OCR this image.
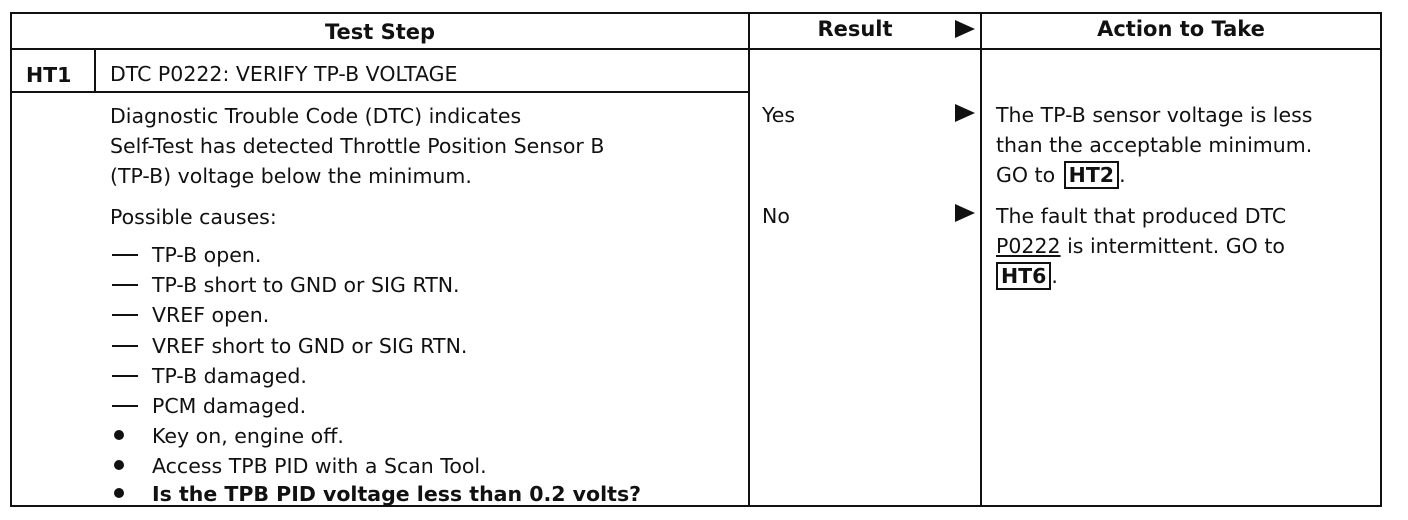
Test Step	Result	Action to Take
HT1 DTC P0222: VERIFY TP-B VOLTAGE
Diagnostic Trouble Code (DTC) indicates
Self-Test has detected Throttle Position Sensor B
(TP-B) voltage below the minimum.
Possible causes:
TP-B open.
TP-B short to GND or SIG RTN.
VREF open.
VREF short to GND or SIG RTN.
TP-B damaged.
PCM damaged.
Key on, engine off.
Access TPB PID with a Scan Tool.
Is the TPB PID voltage less than 0.2 volts?
Yes
No
The TP-B sensor voltage is less
than the acceptable minimum.
GO to HT2 .
The fault that produced DTC
P0222 is intermittent. GO to
HT6 .
